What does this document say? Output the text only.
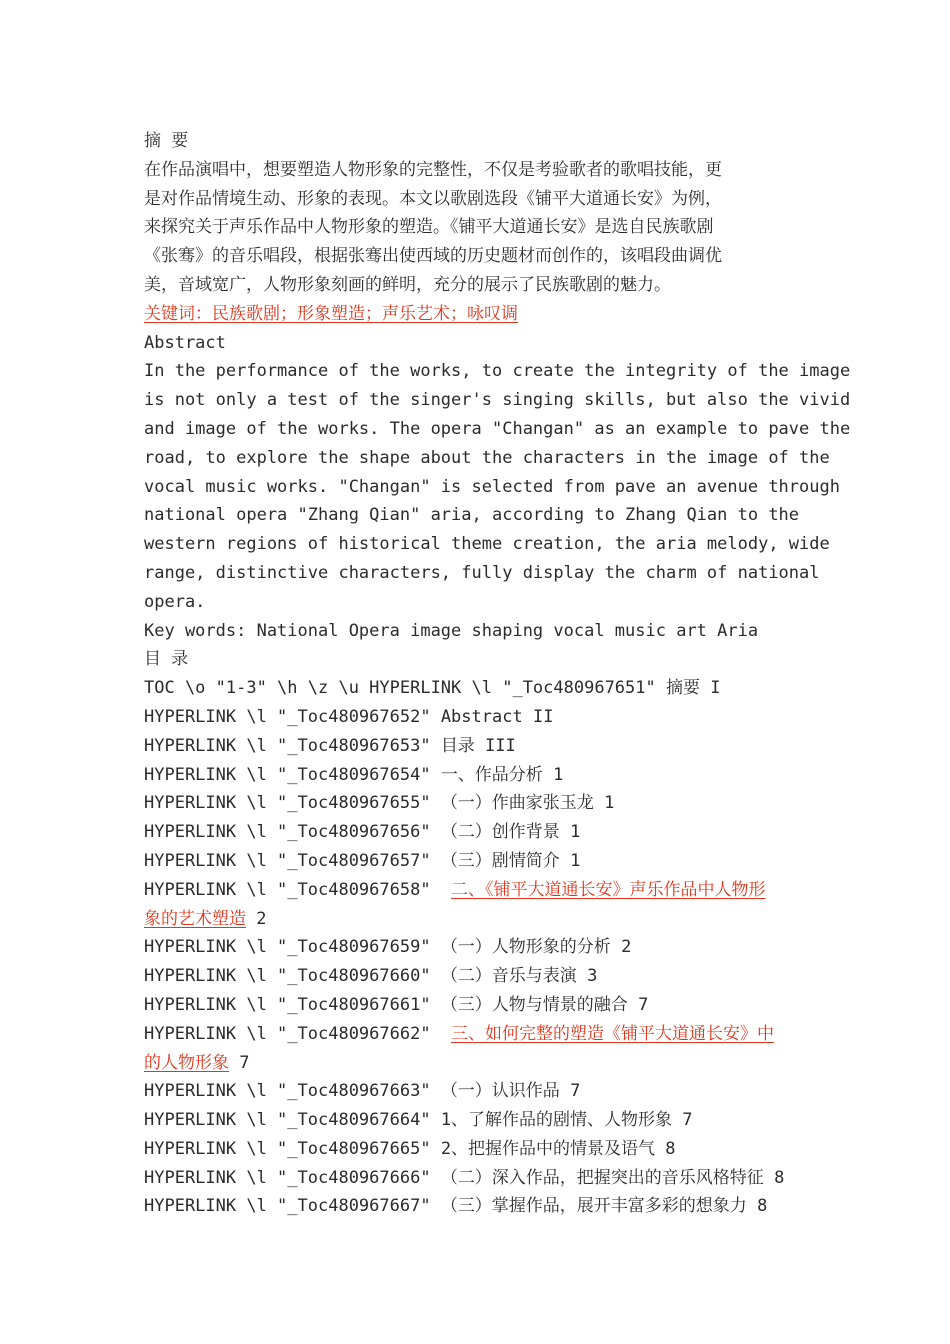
摘 要
在作品演唱中，想要塑造人物形象的完整性，不仅是考验歌者的歌唱技能，更
是对作品情境生动、形象的表现。本文以歌剧选段《铺平大道通长安》为例，
来探究关于声乐作品中人物形象的塑造。《铺平大道通长安》是选自民族歌剧
《张骞》的音乐唱段，根据张骞出使西域的历史题材而创作的，该唱段曲调优
美，音域宽广，人物形象刻画的鲜明，充分的展示了民族歌剧的魅力。
关键词：民族歌剧；形象塑造；声乐艺术；咏叹调
Abstract
In the performance of the works, to create the integrity of the image
is not only a test of the singer's singing skills, but also the vivid
and image of the works. The opera "Changan" as an example to pave the
road, to explore the shape about the characters in the image of the
vocal music works. "Changan" is selected from pave an avenue through
national opera "Zhang Qian" aria, according to Zhang Qian to the
western regions of historical theme creation, the aria melody, wide
range, distinctive characters, fully display the charm of national
opera.
Key words: National Opera image shaping vocal music art Aria
目 录
TOC \o "1-3" \h \z \u HYPERLINK \l "_Toc480967651" 摘要 I
HYPERLINK \l "_Toc480967652" Abstract II
HYPERLINK \l "_Toc480967653" 目录 III
HYPERLINK \l "_Toc480967654" 一、作品分析 1
HYPERLINK \l "_Toc480967655" （一）作曲家张玉龙 1
HYPERLINK \l "_Toc480967656" （二）创作背景 1
HYPERLINK \l "_Toc480967657" （三）剧情简介 1
HYPERLINK \l "_Toc480967658"  二、《铺平大道通长安》声乐作品中人物形
象的艺术塑造 2
HYPERLINK \l "_Toc480967659" （一）人物形象的分析 2
HYPERLINK \l "_Toc480967660" （二）音乐与表演 3
HYPERLINK \l "_Toc480967661" （三）人物与情景的融合 7
HYPERLINK \l "_Toc480967662"  三、如何完整的塑造《铺平大道通长安》中
的人物形象 7
HYPERLINK \l "_Toc480967663" （一）认识作品 7
HYPERLINK \l "_Toc480967664" 1、了解作品的剧情、人物形象 7
HYPERLINK \l "_Toc480967665" 2、把握作品中的情景及语气 8
HYPERLINK \l "_Toc480967666" （二）深入作品，把握突出的音乐风格特征 8
HYPERLINK \l "_Toc480967667" （三）掌握作品，展开丰富多彩的想象力 8
